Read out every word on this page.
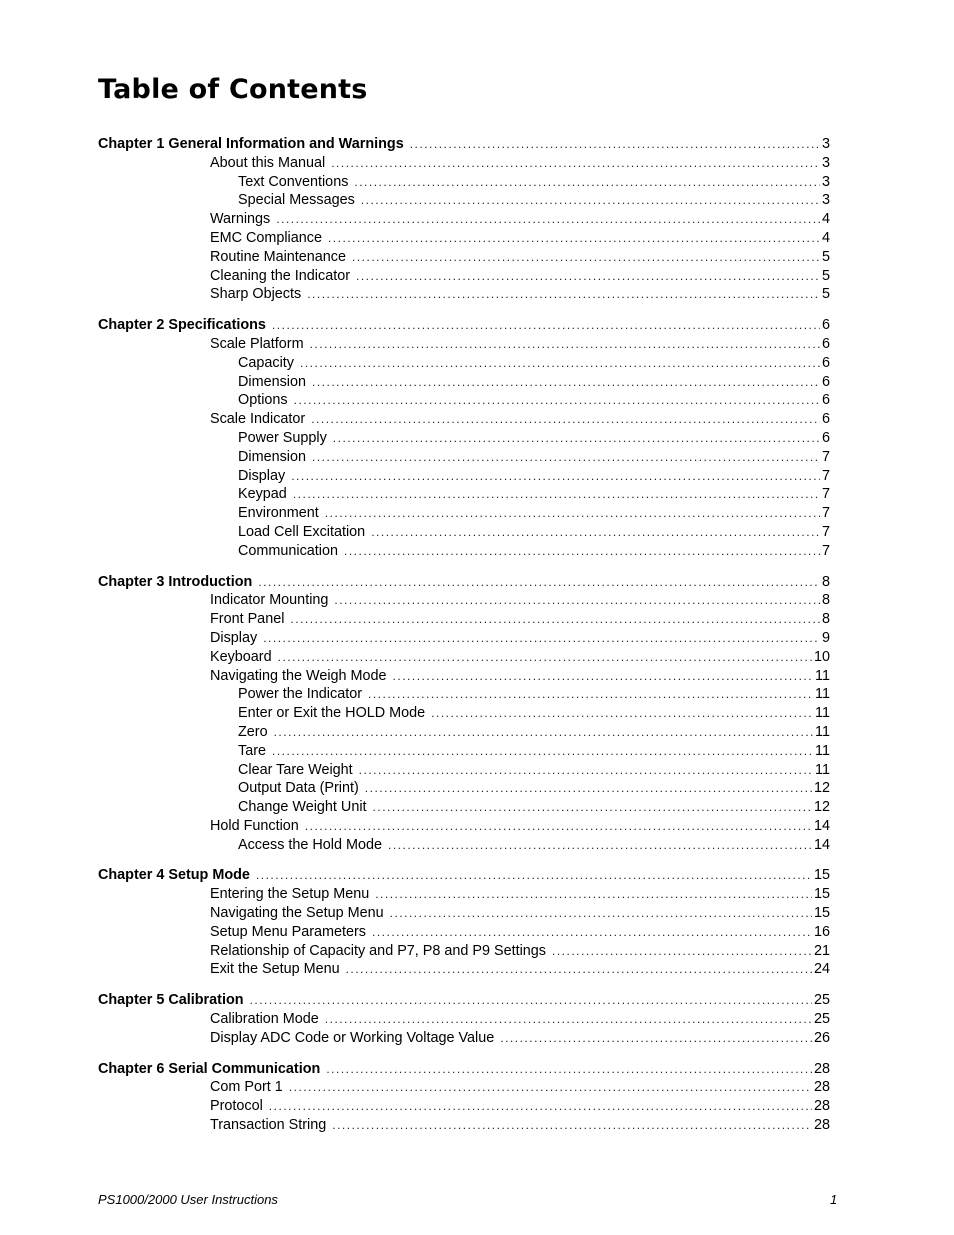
Table of Contents
Chapter 1 General Information and Warnings .....	3
About this Manual .....	3
Text Conventions .....	3
Special Messages .....	3
Warnings .....	4
EMC Compliance .....	4
Routine Maintenance .....	5
Cleaning the Indicator .....	5
Sharp Objects .....	5
Chapter 2 Specifications .....	6
Scale Platform .....	6
Capacity .....	6
Dimension .....	6
Options .....	6
Scale Indicator .....	6
Power Supply .....	6
Dimension .....	7
Display .....	7
Keypad .....	7
Environment .....	7
Load Cell Excitation .....	7
Communication .....	7
Chapter 3 Introduction .....	8
Indicator Mounting .....	8
Front Panel .....	8
Display .....	9
Keyboard .....	10
Navigating the Weigh Mode .....	11
Power the Indicator .....	11
Enter or Exit the HOLD Mode .....	11
Zero .....	11
Tare .....	11
Clear Tare Weight .....	11
Output Data (Print) .....	12
Change Weight Unit .....	12
Hold Function .....	14
Access the Hold Mode .....	14
Chapter 4 Setup Mode .....	15
Entering the Setup Menu .....	15
Navigating the Setup Menu .....	15
Setup Menu Parameters .....	16
Relationship of Capacity and P7, P8 and P9 Settings .....	21
Exit the Setup Menu .....	24
Chapter 5 Calibration .....	25
Calibration Mode .....	25
Display ADC Code or Working Voltage Value .....	26
Chapter 6 Serial Communication .....	28
Com Port 1 .....	28
Protocol .....	28
Transaction String .....	28
PS1000/2000 User Instructions	1
